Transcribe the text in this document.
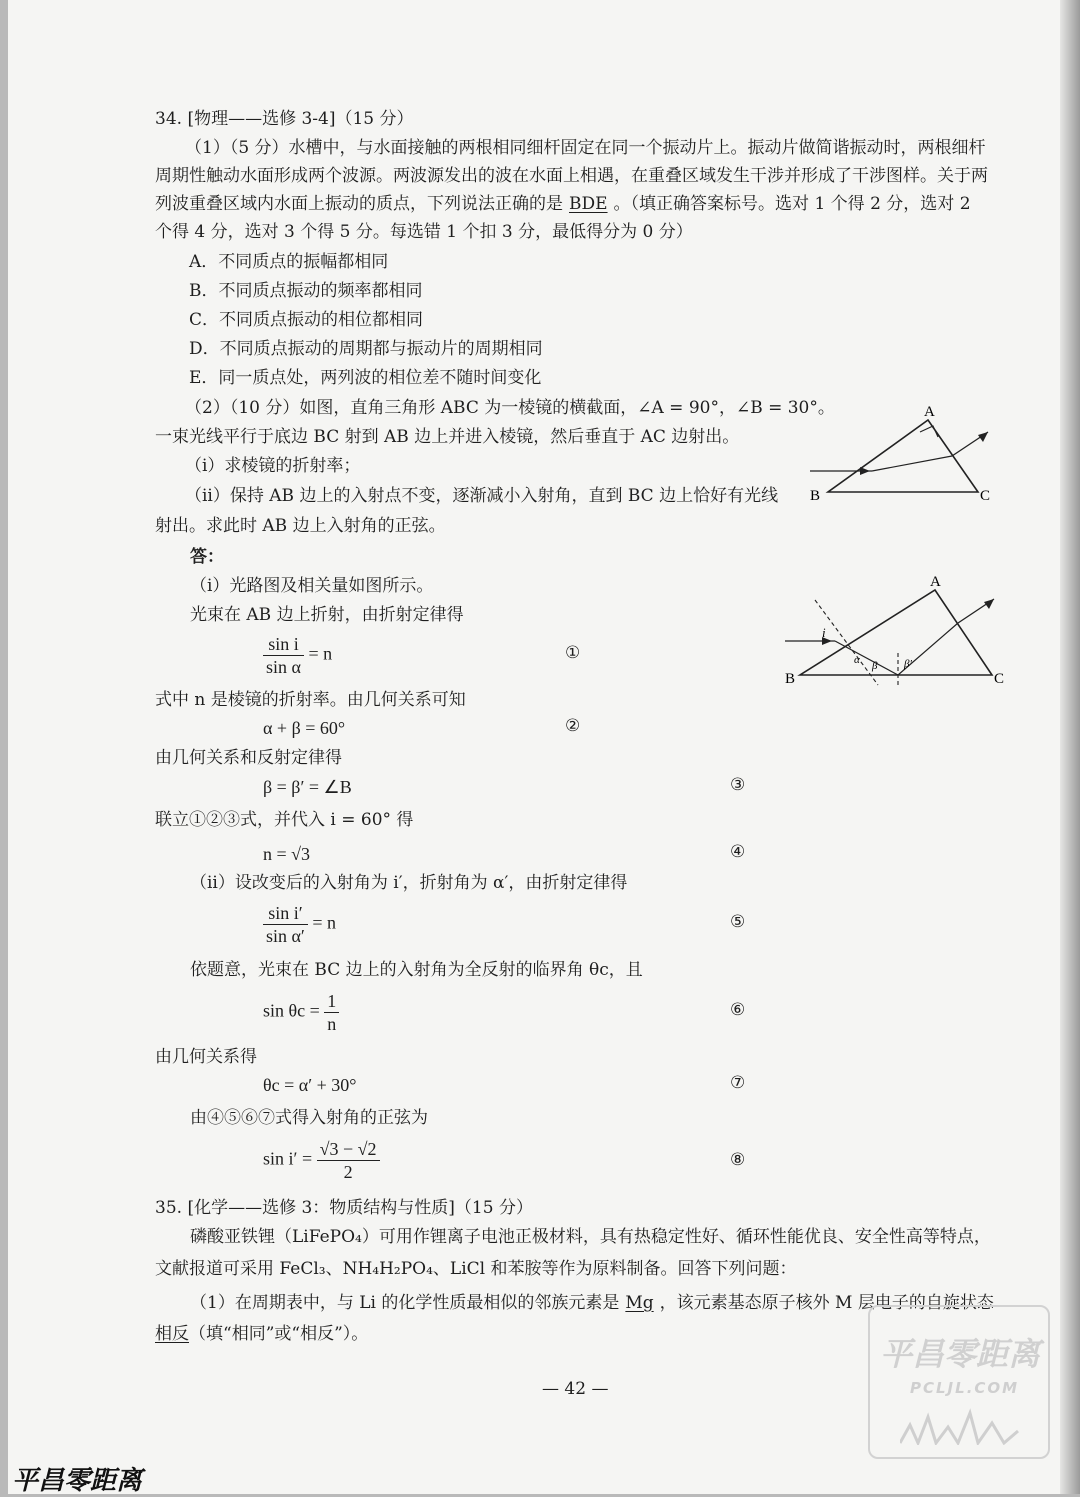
34. [物理——选修 3-4]（15 分）
（1）（5 分）水槽中，与水面接触的两根相同细杆固定在同一个振动片上。振动片做简谐振动时，两根细杆
周期性触动水面形成两个波源。两波源发出的波在水面上相遇，在重叠区域发生干涉并形成了干涉图样。关于两
列波重叠区域内水面上振动的质点，下列说法正确的是 BDE 。（填正确答案标号。选对 1 个得 2 分，选对 2
个得 4 分，选对 3 个得 5 分。每选错 1 个扣 3 分，最低得分为 0 分）
A．不同质点的振幅都相同
B．不同质点振动的频率都相同
C．不同质点振动的相位都相同
D．不同质点振动的周期都与振动片的周期相同
E．同一质点处，两列波的相位差不随时间变化
（2）（10 分）如图，直角三角形 ABC 为一棱镜的横截面，∠A = 90°，∠B = 30°。
一束光线平行于底边 BC 射到 AB 边上并进入棱镜，然后垂直于 AC 边射出。
（i）求棱镜的折射率；
（ii）保持 AB 边上的入射点不变，逐渐减小入射角，直到 BC 边上恰好有光线
射出。求此时 AB 边上入射角的正弦。
A
B	C
答：
（i）光路图及相关量如图所示。
光束在 AB 边上折射，由折射定律得
$\frac{\text{sin i}}{\text{sin α}} = n$	①
式中 n 是棱镜的折射率。由几何关系可知
α + β = 60°	②
由几何关系和反射定律得
β = β′ = ∠B	③
联立①②③式，并代入 i = 60° 得
n = √3	④
（ii）设改变后的入射角为 i′，折射角为 α′，由折射定律得
$\frac{\text{sin i′}}{\text{sin α′}} = n$	⑤
依题意，光束在 BC 边上的入射角为全反射的临界角 θc，且
$\sin \theta c = \frac{1}{n}$	⑥
由几何关系得
θc = α′ + 30°	⑦
由④⑤⑥⑦式得入射角的正弦为
$\sin i' = \frac{√3 - √2}{2}$	⑧
A
B	C
i
α β β′
35. [化学——选修 3：物质结构与性质]（15 分）
磷酸亚铁锂（LiFePO₄）可用作锂离子电池正极材料，具有热稳定性好、循环性能优良、安全性高等特点，
文献报道可采用 FeCl₃、NH₄H₂PO₄、LiCl 和苯胺等作为原料制备。回答下列问题：
（1）在周期表中，与 Li 的化学性质最相似的邻族元素是 Mg ，该元素基态原子核外 M 层电子的自旋状态
相反（填“相同”或“相反”）。
— 42 —
平昌零距离
PCLJL.COM
平昌零距离
